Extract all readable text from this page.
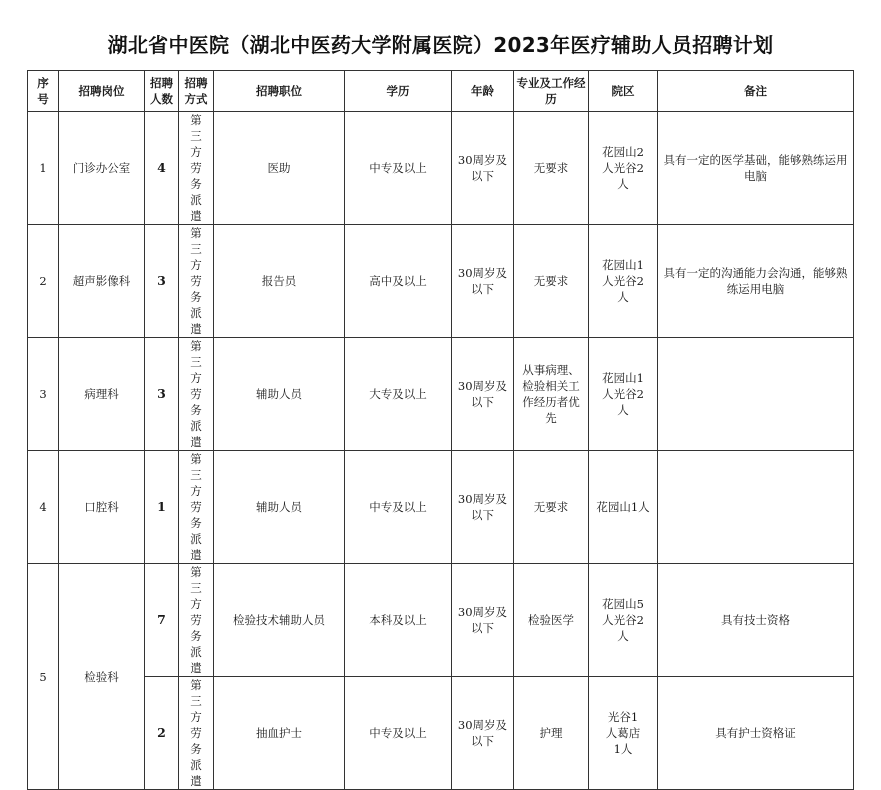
湖北省中医院（湖北中医药大学附属医院）2023年医疗辅助人员招聘计划
序号	招聘岗位	招聘人数	招聘方式	招聘职位	学历	年龄	专业及工作经历	院区	备注
1	门诊办公室	4	第三方劳务派遣	医助	中专及以上	30周岁及以下	无要求	花园山2人光谷2人	具有一定的医学基础，能够熟练运用电脑
2	超声影像科	3	第三方劳务派遣	报告员	高中及以上	30周岁及以下	无要求	花园山1人光谷2人	具有一定的沟通能力会沟通，能够熟练运用电脑
3	病理科	3	第三方劳务派遣	辅助人员	大专及以上	30周岁及以下	从事病理、检验相关工作经历者优先	花园山1人光谷2人	
4	口腔科	1	第三方劳务派遣	辅助人员	中专及以上	30周岁及以下	无要求	花园山1人	
5	检验科	7	第三方劳务派遣	检验技术辅助人员	本科及以上	30周岁及以下	检验医学	花园山5人光谷2人	具有技士资格
		2	第三方劳务派遣	抽血护士	中专及以上	30周岁及以下	护理	光谷1人葛店1人	具有护士资格证
